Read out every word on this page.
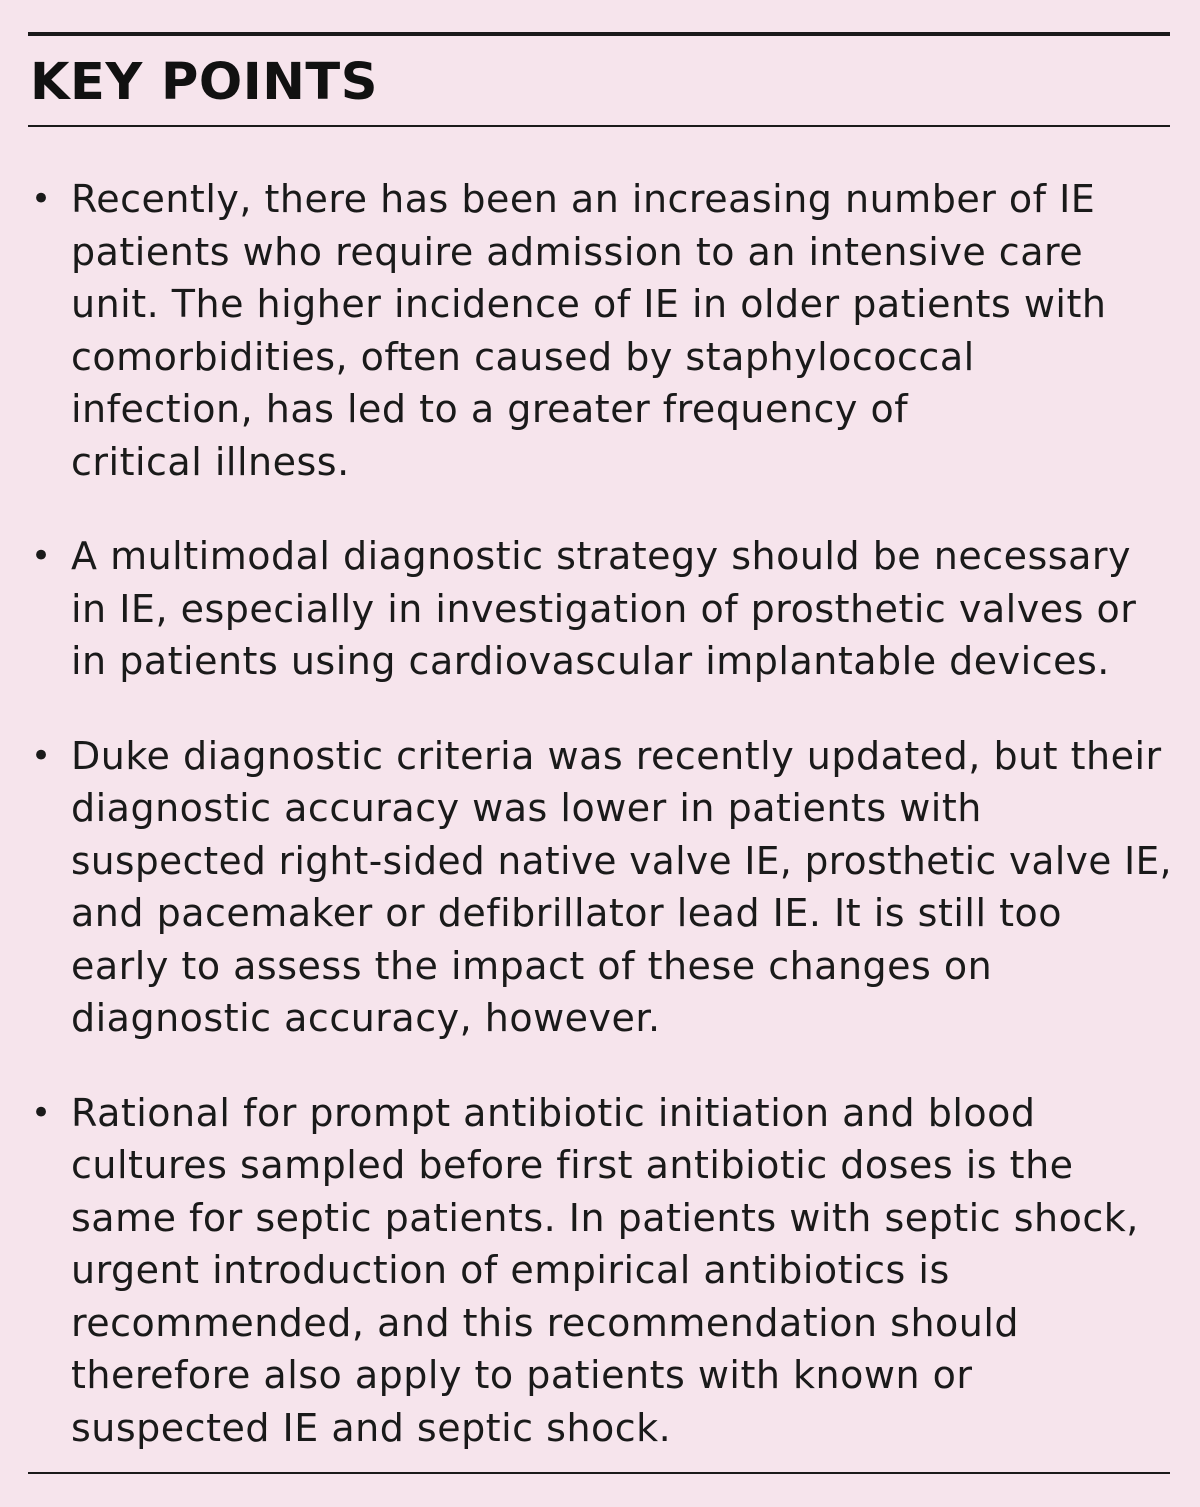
KEY POINTS
• Recently, there has been an increasing number of IE
patients who require admission to an intensive care
unit. The higher incidence of IE in older patients with
comorbidities, often caused by staphylococcal
infection, has led to a greater frequency of
critical illness.
• A multimodal diagnostic strategy should be necessary
in IE, especially in investigation of prosthetic valves or
in patients using cardiovascular implantable devices.
• Duke diagnostic criteria was recently updated, but their
diagnostic accuracy was lower in patients with
suspected right-sided native valve IE, prosthetic valve IE,
and pacemaker or defibrillator lead IE. It is still too
early to assess the impact of these changes on
diagnostic accuracy, however.
• Rational for prompt antibiotic initiation and blood
cultures sampled before first antibiotic doses is the
same for septic patients. In patients with septic shock,
urgent introduction of empirical antibiotics is
recommended, and this recommendation should
therefore also apply to patients with known or
suspected IE and septic shock.
